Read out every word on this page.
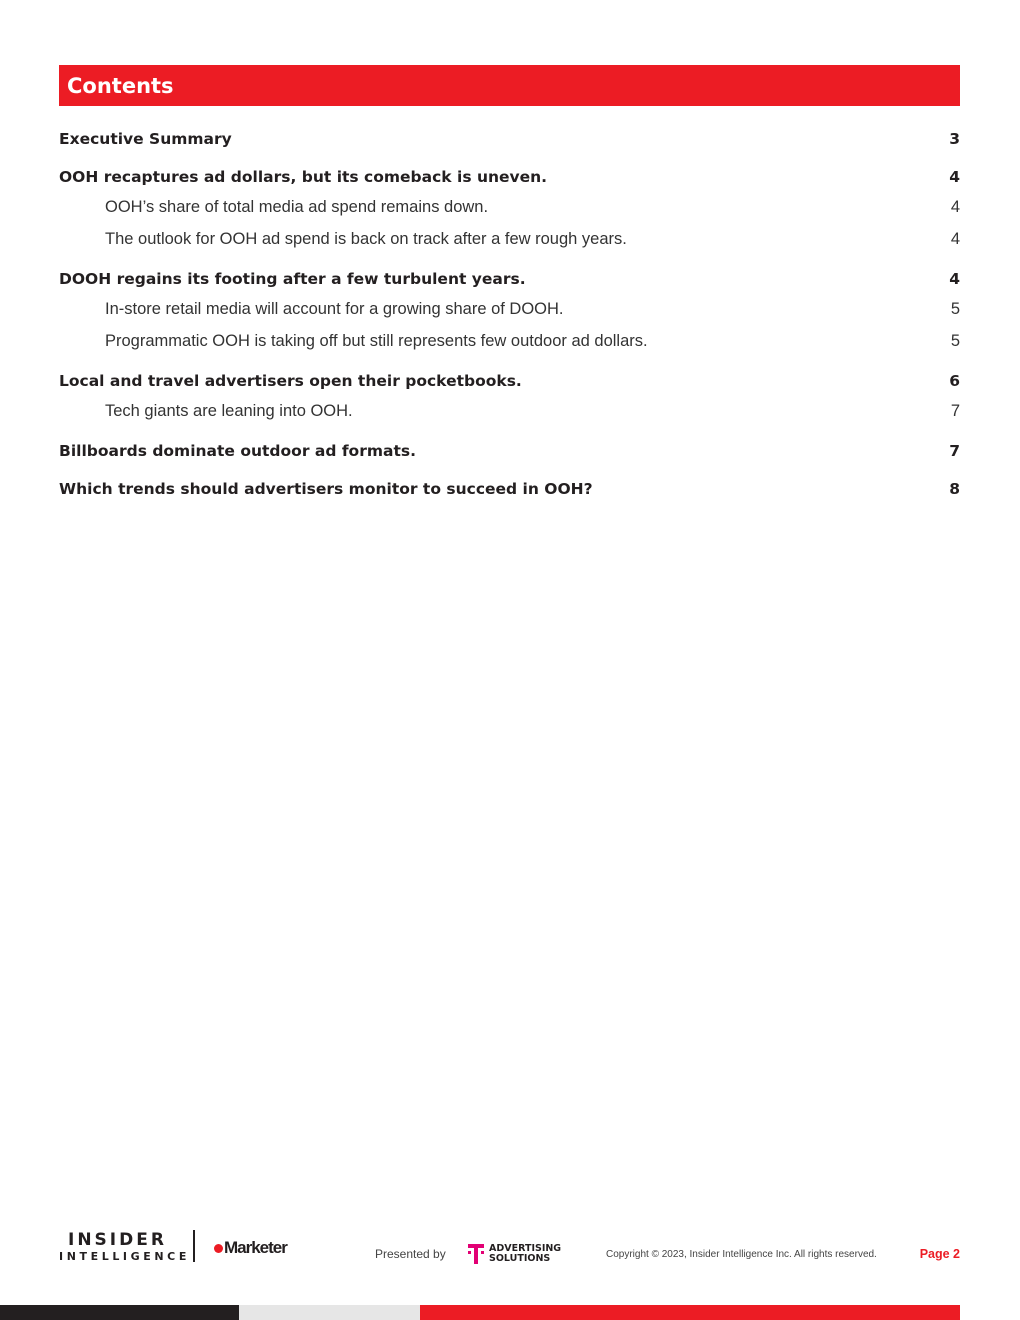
Contents
Executive Summary	3
OOH recaptures ad dollars, but its comeback is uneven.	4
OOH’s share of total media ad spend remains down.	4
The outlook for OOH ad spend is back on track after a few rough years.	4
DOOH regains its footing after a few turbulent years.	4
In-store retail media will account for a growing share of DOOH.	5
Programmatic OOH is taking off but still represents few outdoor ad dollars.	5
Local and travel advertisers open their pocketbooks.	6
Tech giants are leaning into OOH.	7
Billboards dominate outdoor ad formats.	7
Which trends should advertisers monitor to succeed in OOH?	8
INSIDER
INTELLIGENCE Marketer	Presented by	ADVERTISING
SOLUTIONS	Copyright © 2023, Insider Intelligence Inc. All rights reserved.	Page 2
